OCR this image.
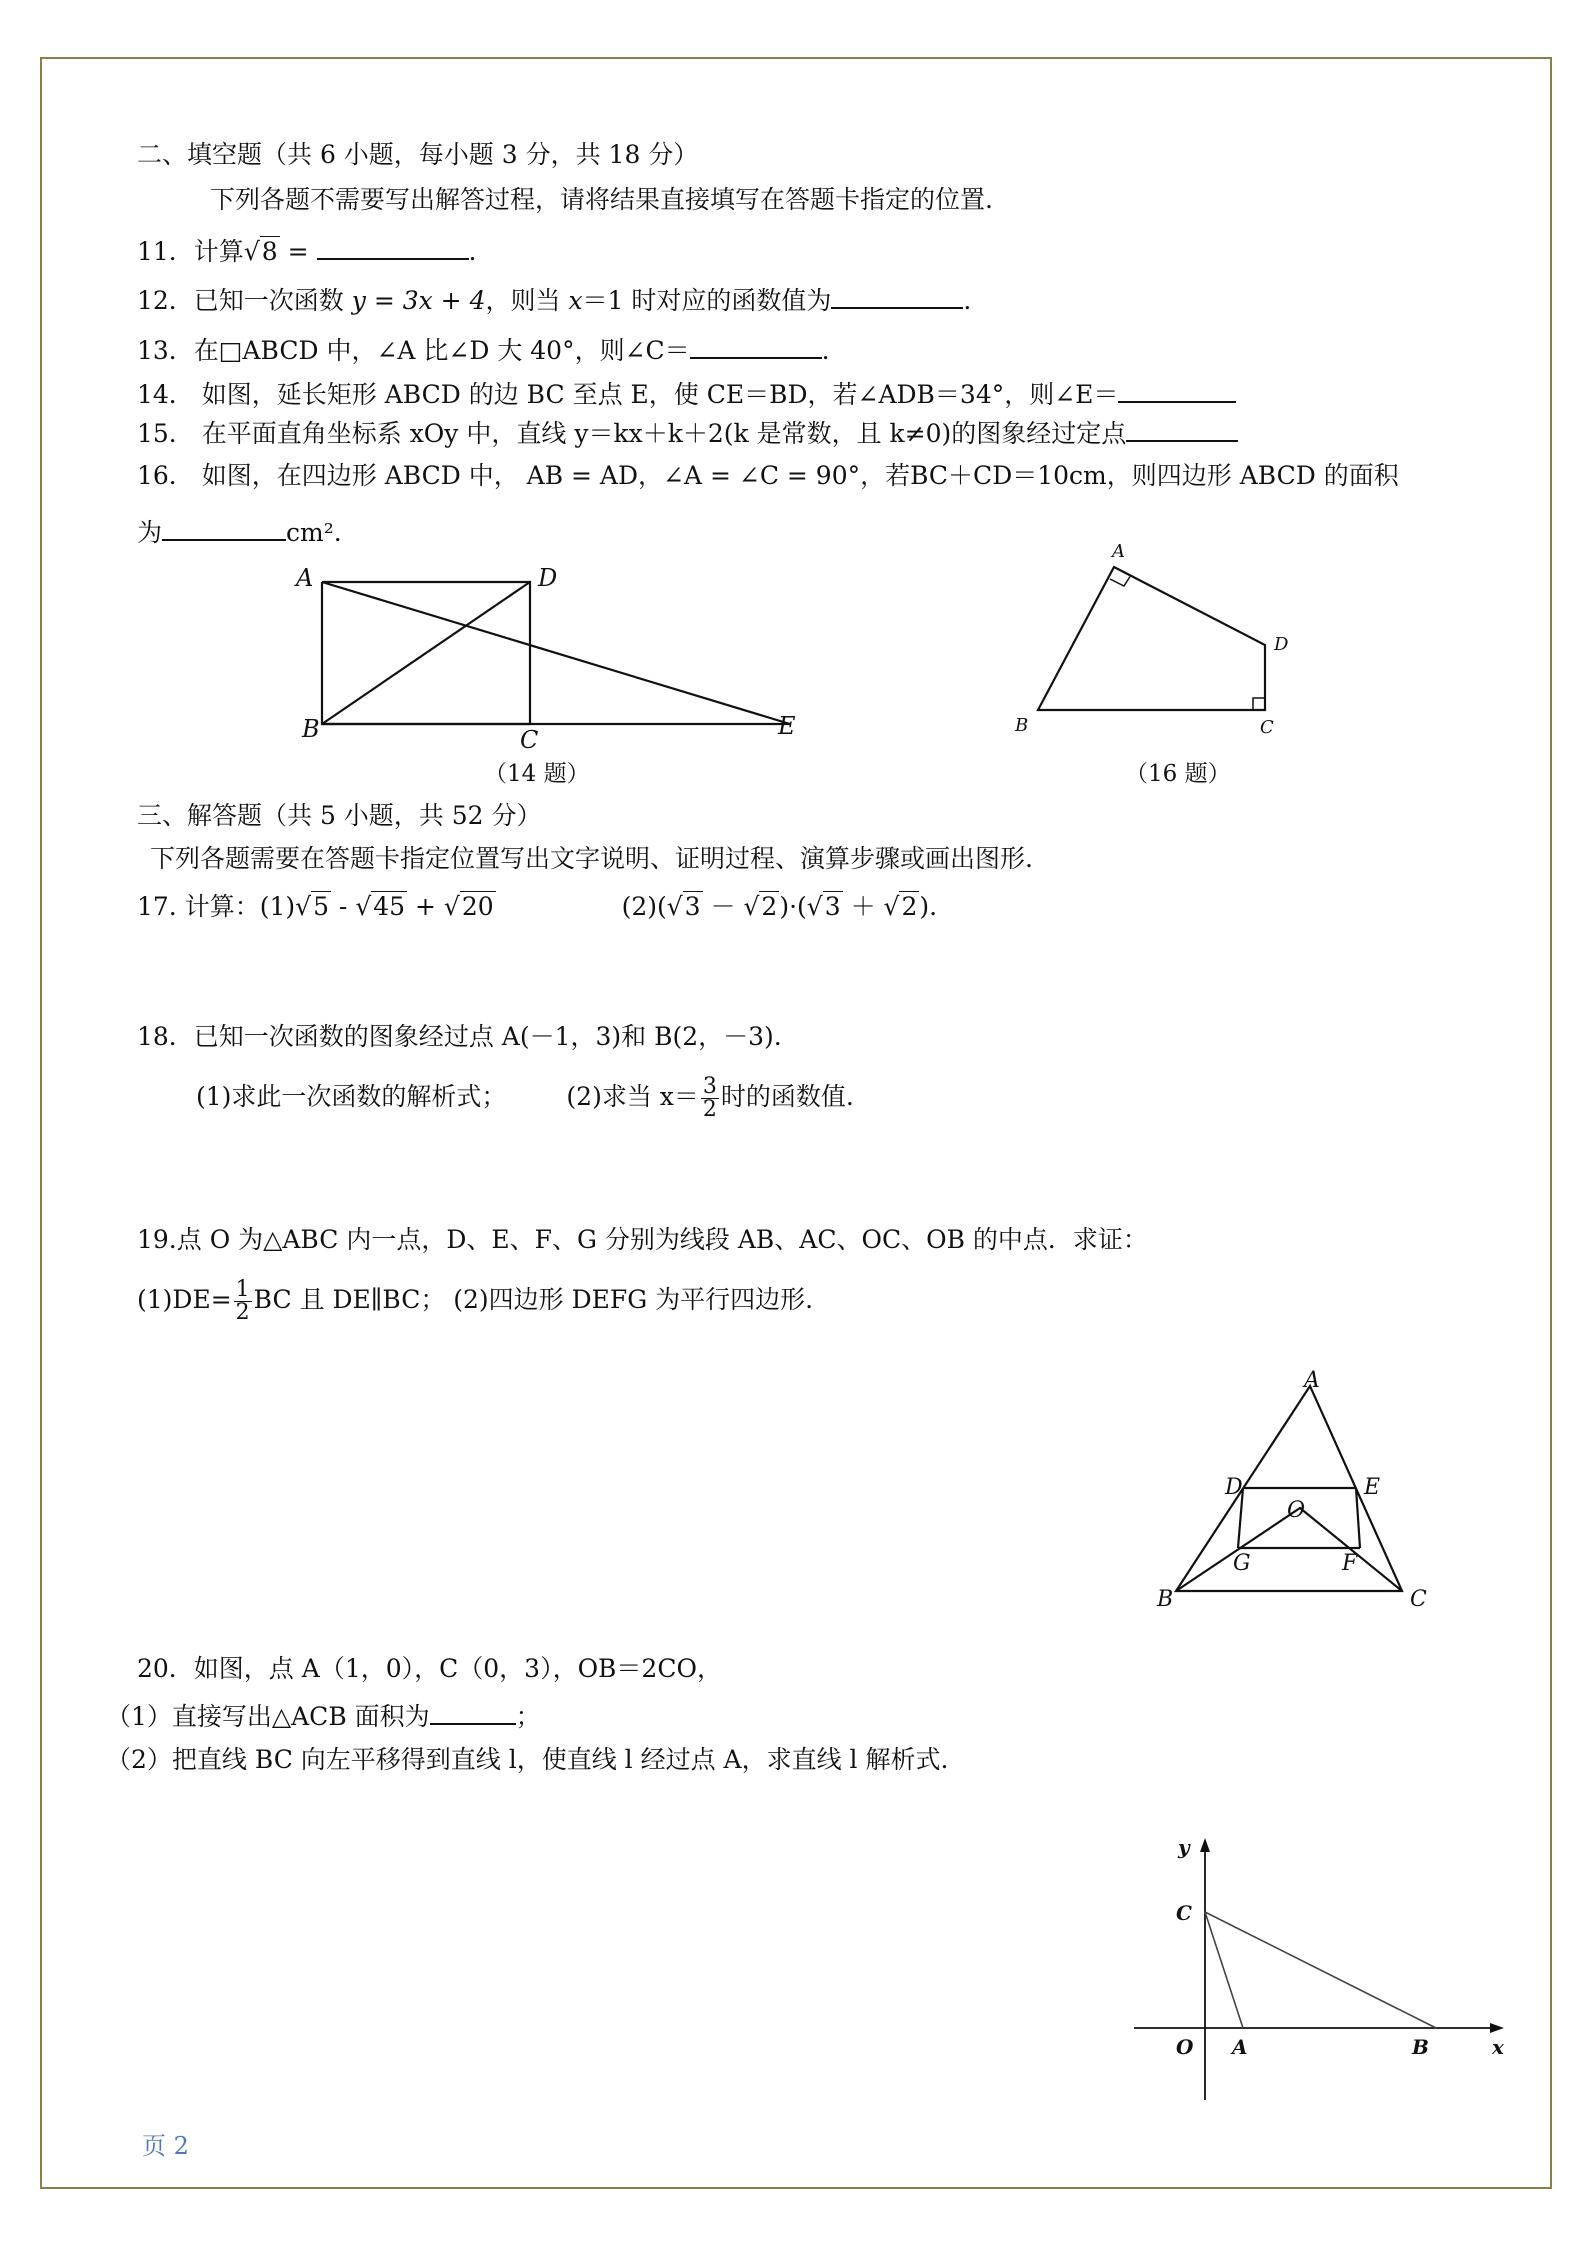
二、填空题（共 6 小题，每小题 3 分，共 18 分）
下列各题不需要写出解答过程，请将结果直接填写在答题卡指定的位置.
11．计算√8 =	.
12．已知一次函数 y = 3x + 4，则当 x＝1 时对应的函数值为	.
13．在□ABCD 中，∠A 比∠D 大 40°，则∠C＝	.
14． 如图，延长矩形 ABCD 的边 BC 至点 E，使 CE＝BD，若∠ADB＝34°，则∠E＝
15． 在平面直角坐标系 xOy 中，直线 y＝kx＋k＋2(k 是常数，且 k≠0)的图象经过定点
16． 如图，在四边形 ABCD 中， AB = AD，∠A = ∠C = 90°，若BC＋CD＝10cm，则四边形 ABCD 的面积
为	cm².
A	D
B	C	E
（14 题）
A
D
B	C
（16 题）
三、解答题（共 5 小题，共 52 分）
下列各题需要在答题卡指定位置写出文字说明、证明过程、演算步骤或画出图形.
17. 计算：(1)√5 - √45 + √20	(2)(√3 － √2)·(√3 ＋ √2).
18．已知一次函数的图象经过点 A(－1，3)和 B(2，－3).
(1)求此一次函数的解析式； (2)求当 $x= \frac{3}{2}$ 时的函数值.
19.点 O 为△ABC 内一点，D、E、F、G 分别为线段 AB、AC、OC、OB 的中点．求证：
$(1)DE= \frac{1}{2}$ BC 且 DE∥BC； (2)四边形 DEFG 为平行四边形.
A
D	E
O
G	F
B	C
20．如图，点 A（1，0），C（0，3），OB＝2CO，
（1）直接写出△ACB 面积为	；
（2）把直线 BC 向左平移得到直线 l，使直线 l 经过点 A，求直线 l 解析式.
y
x
C
O A	B
页 2
